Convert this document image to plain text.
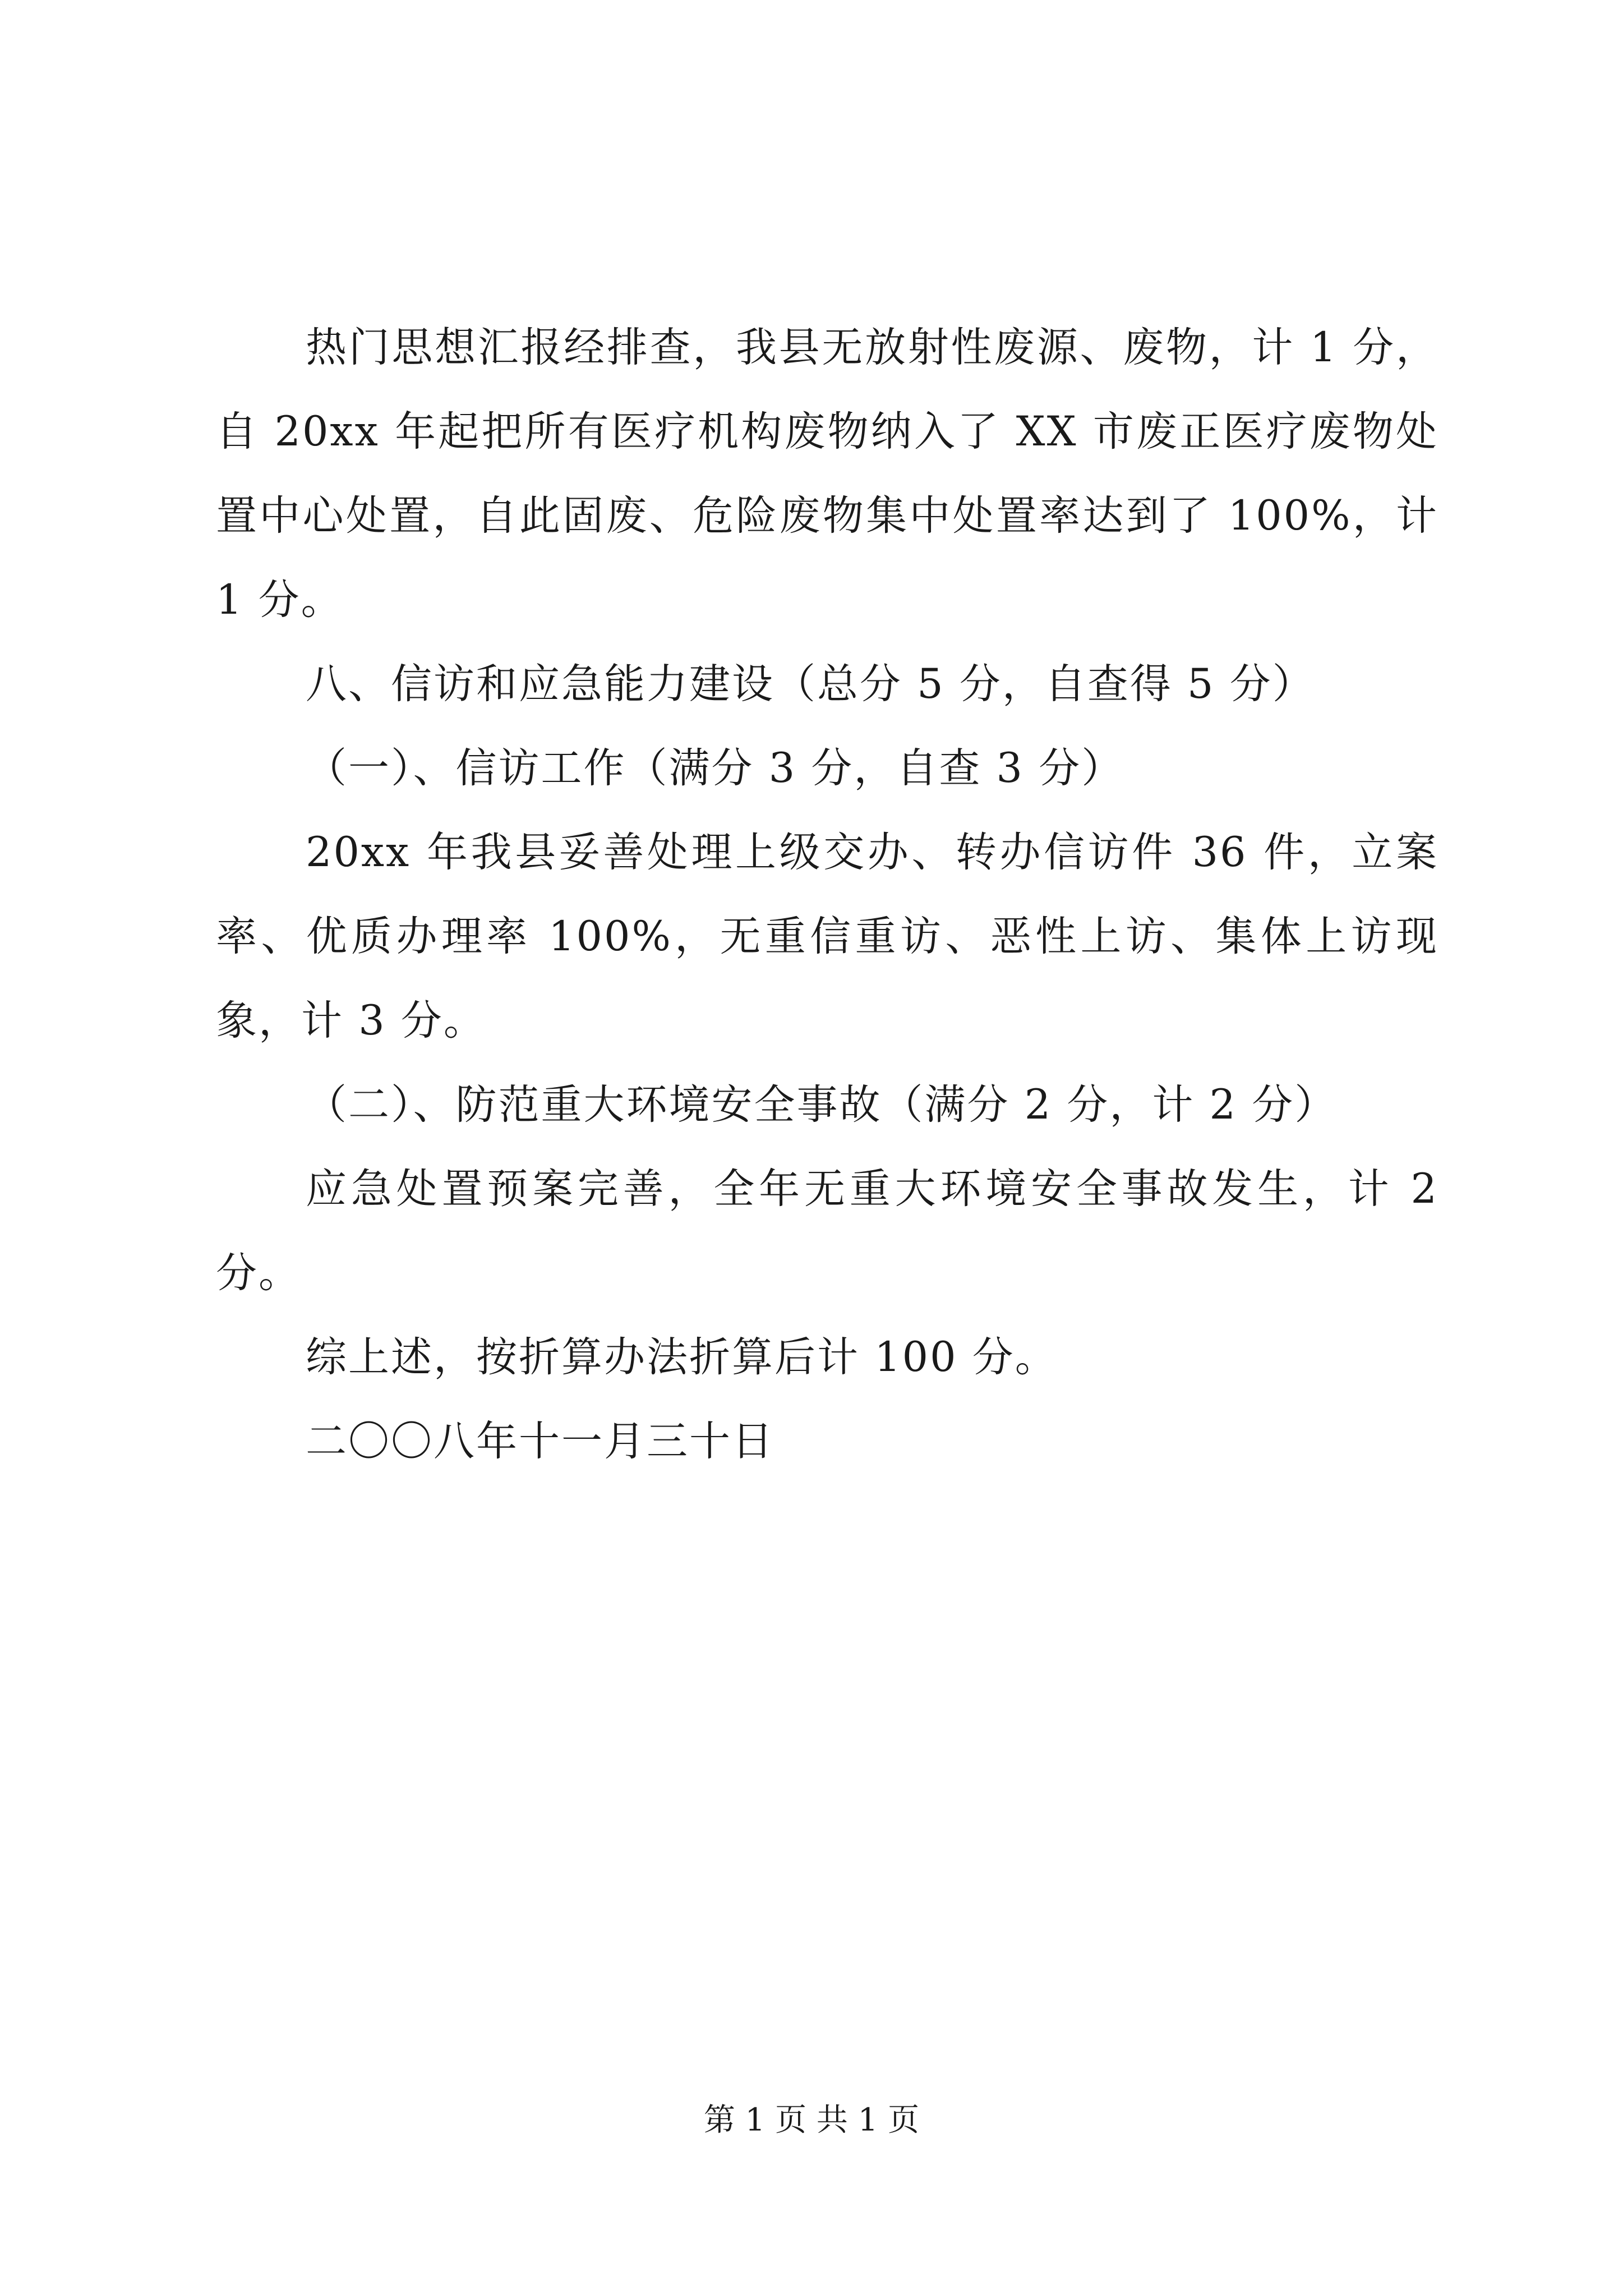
热门思想汇报经排查，我县无放射性废源、废物，计 1 分，自 20xx 年起把所有医疗机构废物纳入了 XX 市废正医疗废物处置中心处置，自此固废、危险废物集中处置率达到了 100%，计 1 分。

八、信访和应急能力建设（总分 5 分，自查得 5 分）

（一）、信访工作（满分 3 分，自查 3 分）

20xx 年我县妥善处理上级交办、转办信访件 36 件，立案率、优质办理率 100%，无重信重访、恶性上访、集体上访现象，计 3 分。

（二）、防范重大环境安全事故（满分 2 分，计 2 分）

应急处置预案完善，全年无重大环境安全事故发生，计 2 分。

综上述，按折算办法折算后计 100 分。

二〇〇八年十一月三十日

第 1 页 共 1 页
